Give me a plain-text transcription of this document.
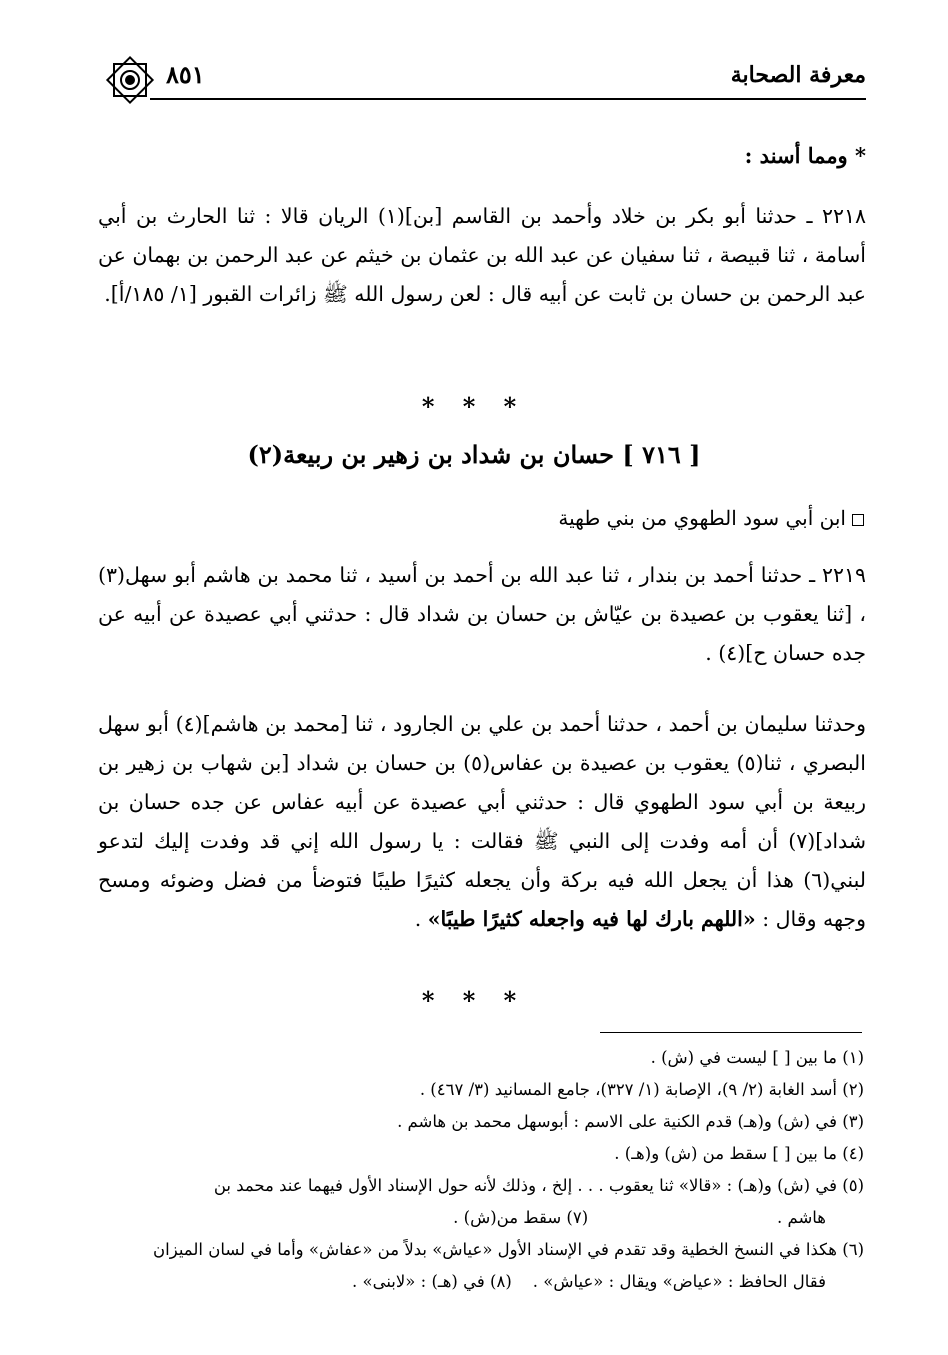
معرفة الصحابة
٨٥١
* ومما أسند :

٢٢١٨ ـ حدثنا أبو بكر بن خلاد وأحمد بن القاسم [بن](١) الريان قالا : ثنا الحارث بن أبي أسامة ، ثنا قبيصة ، ثنا سفيان عن عبد الله بن عثمان بن خيثم عن عبد الرحمن بن بهمان عن عبد الرحمن بن حسان بن ثابت عن أبيه قال : لعن رسول الله ﷺ زائرات القبور [١/ ١٨٥/أ].

* * *
[ ٧١٦ ] حسان بن شداد بن زهير بن ربيعة(٢)
ابن أبي سود الطهوي من بني طهية

٢٢١٩ ـ حدثنا أحمد بن بندار ، ثنا عبد الله بن أحمد بن أسيد ، ثنا محمد بن هاشم أبو سهل(٣) ، [ثنا يعقوب بن عصيدة بن عيّاش بن حسان بن شداد قال : حدثني أبي عصيدة عن أبيه عن جده حسان ح](٤) .

وحدثنا سليمان بن أحمد ، حدثنا أحمد بن علي بن الجارود ، ثنا [محمد بن هاشم](٤) أبو سهل البصري ، ثنا(٥) يعقوب بن عصيدة بن عفاس(٥) بن حسان بن شداد [بن شهاب بن زهير بن ربيعة بن أبي سود الطهوي قال : حدثني أبي عصيدة عن أبيه عفاس عن جده حسان بن شداد](٧) أن أمه وفدت إلى النبي ﷺ فقالت : يا رسول الله إني قد وفدت إليك لتدعو لبني(٦) هذا أن يجعل الله فيه بركة وأن يجعله كثيرًا طيبًا فتوضأ من فضل وضوئه ومسح وجهه وقال : «اللهم بارك لها فيه واجعله كثيرًا طيبًا» .

* * *

(١) ما بين [ ] ليست في (ش) .

(٢) أسد الغابة (٢/ ٩)، الإصابة (١/ ٣٢٧)، جامع المسانيد (٣/ ٤٦٧) .

(٣) في (ش) و(هـ) قدم الكنية على الاسم : أبوسهل محمد بن هاشم .

(٤) ما بين [ ] سقط من (ش) و(هـ) .

(٥) في (ش) و(هـ) : «قالا» ثنا يعقوب . . . إلخ ، وذلك لأنه حول الإسناد الأول فيهما عند محمد بن

هاشم .                                    (٧) سقط من(ش) .

(٦) هكذا في النسخ الخطية وقد تقدم في الإسناد الأول «عياش» بدلاً من «عفاش» وأما في لسان الميزان

فقال الحافظ : «عياض» ويقال : «عياش» .    (٨) في (هـ) : «لابنى» .
